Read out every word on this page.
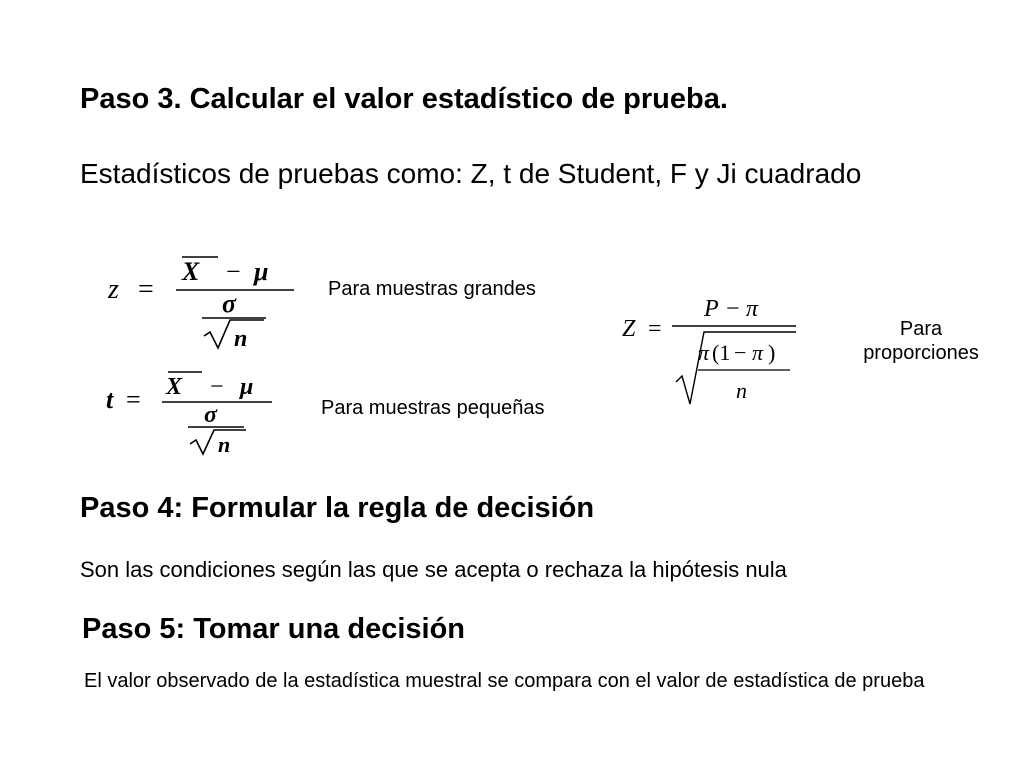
Paso 3. Calcular el valor estadístico de prueba.
Estadísticos de pruebas como: Z, t de Student, F y Ji cuadrado
z =
X − μ
σ
n
Para muestras grandes
t = X − μ
σ
n
Para muestras pequeñas
Z =
P − π
π (1 − π )
n
Para
proporciones
Paso 4: Formular la regla de decisión
Son las condiciones según las que se acepta o rechaza la hipótesis nula
Paso 5: Tomar una decisión
El valor observado de la estadística muestral se compara con el valor de estadística de prueba
